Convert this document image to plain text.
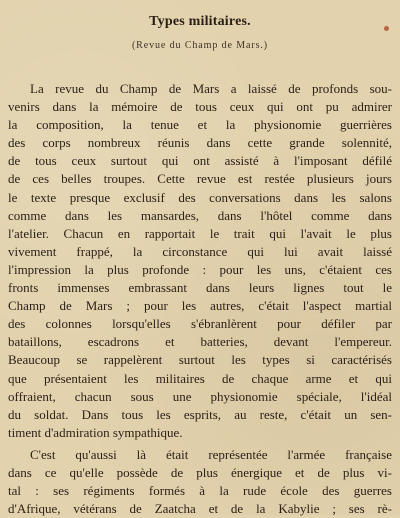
Types militaires.
(Revue du Champ de Mars.)
La revue du Champ de Mars a laissé de profonds sou-
venirs dans la mémoire de tous ceux qui ont pu admirer
la composition, la tenue et la physionomie guerrières
des corps nombreux réunis dans cette grande solennité,
de tous ceux surtout qui ont assisté à l'imposant défilé
de ces belles troupes. Cette revue est restée plusieurs jours
le texte presque exclusif des conversations dans les salons
comme dans les mansardes, dans l'hôtel comme dans
l'atelier. Chacun en rapportait le trait qui l'avait le plus
vivement frappé, la circonstance qui lui avait laissé
l'impression la plus profonde : pour les uns, c'étaient ces
fronts immenses embrassant dans leurs lignes tout le
Champ de Mars ; pour les autres, c'était l'aspect martial
des colonnes lorsqu'elles s'ébranlèrent pour défiler par
bataillons, escadrons et batteries, devant l'empereur.
Beaucoup se rappelèrent surtout les types si caractérisés
que présentaient les militaires de chaque arme et qui
offraient, chacun sous une physionomie spéciale, l'idéal
du soldat. Dans tous les esprits, au reste, c'était un sen-
timent d'admiration sympathique.
C'est qu'aussi là était représentée l'armée française
dans ce qu'elle possède de plus énergique et de plus vi-
tal : ses régiments formés à la rude école des guerres
d'Afrique, vétérans de Zaatcha et de la Kabylie ; ses rè-
